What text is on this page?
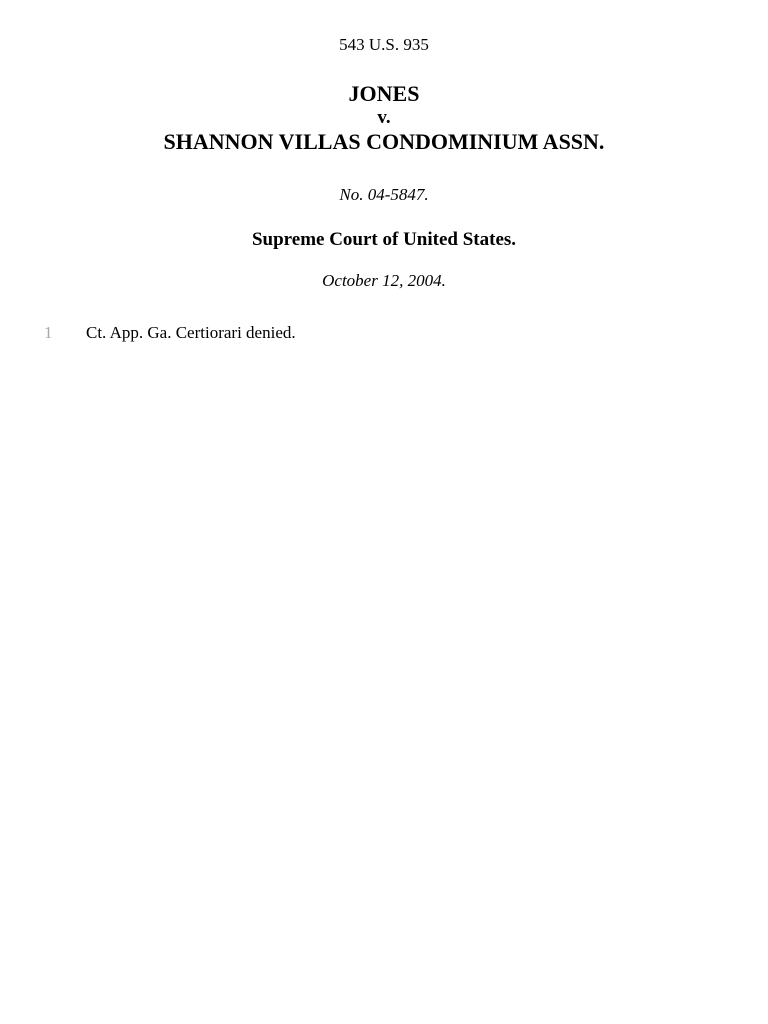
543 U.S. 935
JONES
v.
SHANNON VILLAS CONDOMINIUM ASSN.
No. 04-5847.
Supreme Court of United States.
October 12, 2004.
1	Ct. App. Ga. Certiorari denied.
